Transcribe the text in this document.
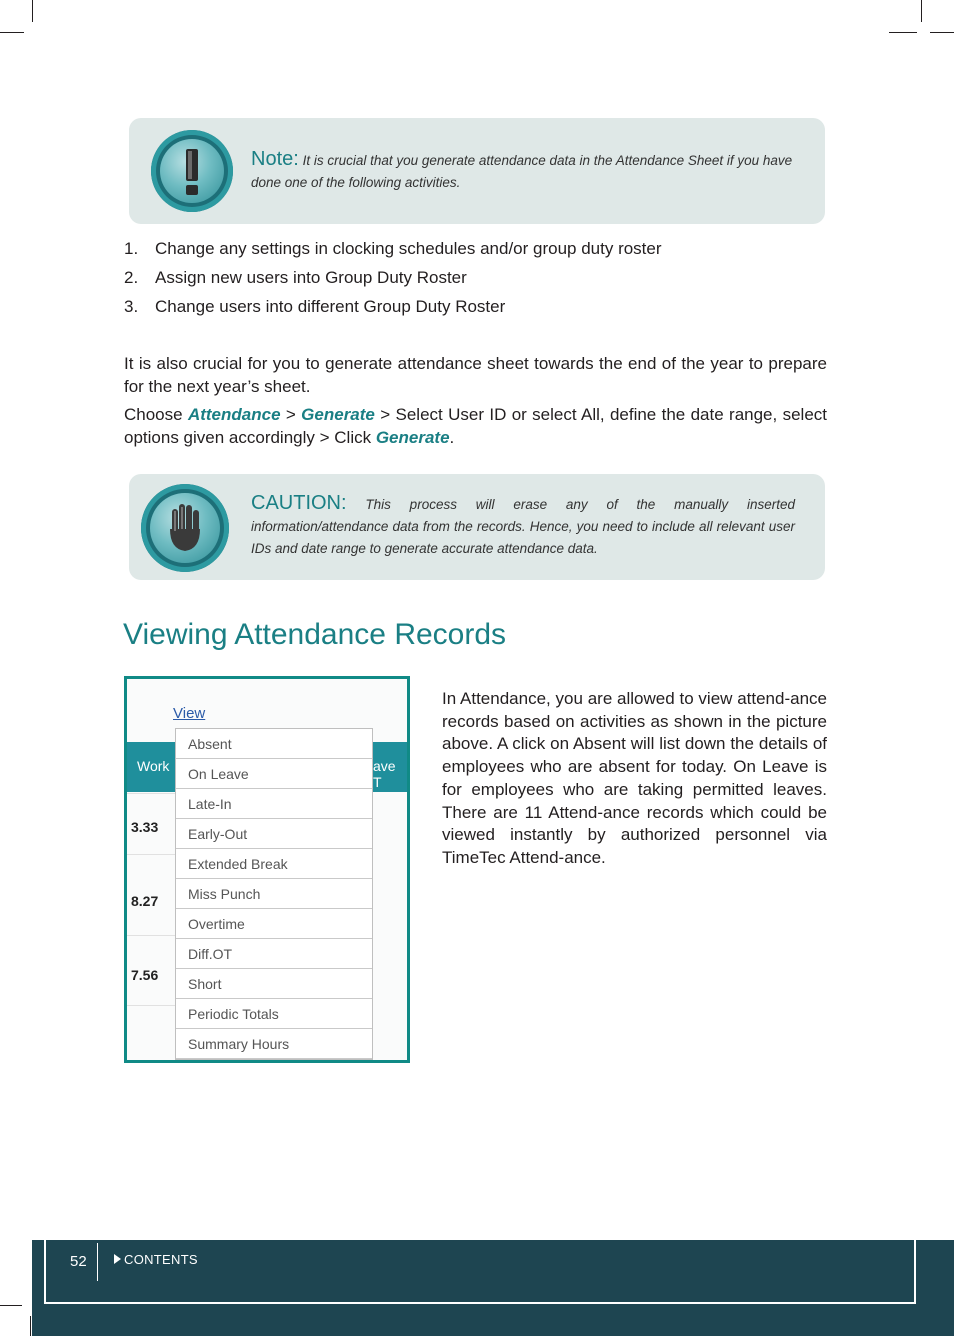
Note: It is crucial that you generate attendance data in the Attendance Sheet if you have done one of the following activities.
1. Change any settings in clocking schedules and/or group duty roster
2. Assign new users into Group Duty Roster
3. Change users into different Group Duty Roster

It is also crucial for you to generate attendance sheet towards the end of the year to prepare for the next year’s sheet.

Choose Attendance > Generate > Select User ID or select All, define the date range, select options given accordingly > Click Generate.

CAUTION: This process will erase any of the manually inserted information/attendance data from the records. Hence, you need to include all relevant user IDs and date range to generate accurate attendance data.
Viewing Attendance Records
View
Work	ave T
3.33
8.27
7.56
Absent
On Leave
Late-In
Early-Out
Extended Break
Miss Punch
Overtime
Diff.OT
Short
Periodic Totals
Summary Hours

In Attendance, you are allowed to view attend-ance records based on activities as shown in the picture above. A click on Absent will list down the details of employees who are absent for today. On Leave is for employees who are taking permitted leaves. There are 11 Attend-ance records which could be viewed instantly by authorized personnel via TimeTec Attend-ance.

52	CONTENTS
